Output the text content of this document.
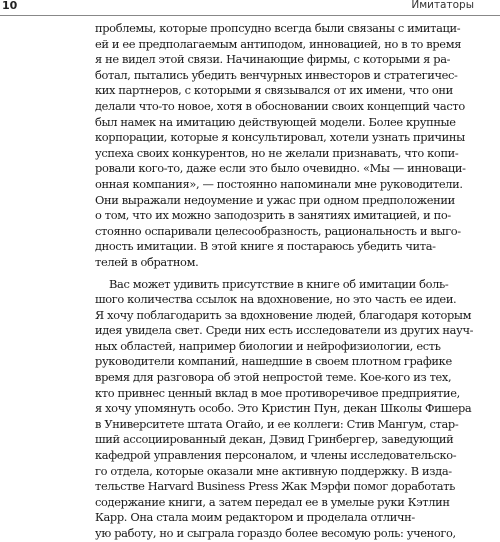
10	Имитаторы
проблемы, которые пропсудно всегда были связаны с имитаци-
ей и ее предполагаемым антиподом, инновацией, но в то время
я не видел этой связи. Начинающие фирмы, с которыми я ра-
ботал, пытались убедить венчурных инвесторов и стратегичес-
ких партнеров, с которыми я связывался от их имени, что они
делали что-то новое, хотя в обосновании своих концепций часто
был намек на имитацию действующей модели. Более крупные
корпорации, которые я консультировал, хотели узнать причины
успеха своих конкурентов, но не желали признавать, что копи-
ровали кого-то, даже если это было очевидно. «Мы — инноваци-
онная компания», — постоянно напоминали мне руководители.
Они выражали недоумение и ужас при одном предположении
о том, что их можно заподозрить в занятиях имитацией, и по-
стоянно оспаривали целесообразность, рациональность и выго-
дность имитации. В этой книге я постараюсь убедить чита-
телей в обратном.
Вас может удивить присутствие в книге об имитации боль-
шого количества ссылок на вдохновение, но это часть ее идеи.
Я хочу поблагодарить за вдохновение людей, благодаря которым
идея увидела свет. Среди них есть исследователи из других науч-
ных областей, например биологии и нейрофизиологии, есть
руководители компаний, нашедшие в своем плотном графике
время для разговора об этой непростой теме. Кое-кого из тех,
кто привнес ценный вклад в мое противоречивое предприятие,
я хочу упомянуть особо. Это Кристин Пун, декан Школы Фишера
в Университете штата Огайо, и ее коллеги: Стив Мангум, стар-
ший ассоциированный декан, Дэвид Гринбергер, заведующий
кафедрой управления персоналом, и члены исследовательско-
го отдела, которые оказали мне активную поддержку. В изда-
тельстве Harvard Business Press Жак Мэрфи помог доработать
содержание книги, а затем передал ее в умелые руки Кэтлин
Карр. Она стала моим редактором и проделала отличн-
ую работу, но и сыграла гораздо более весомую роль: ученого,
